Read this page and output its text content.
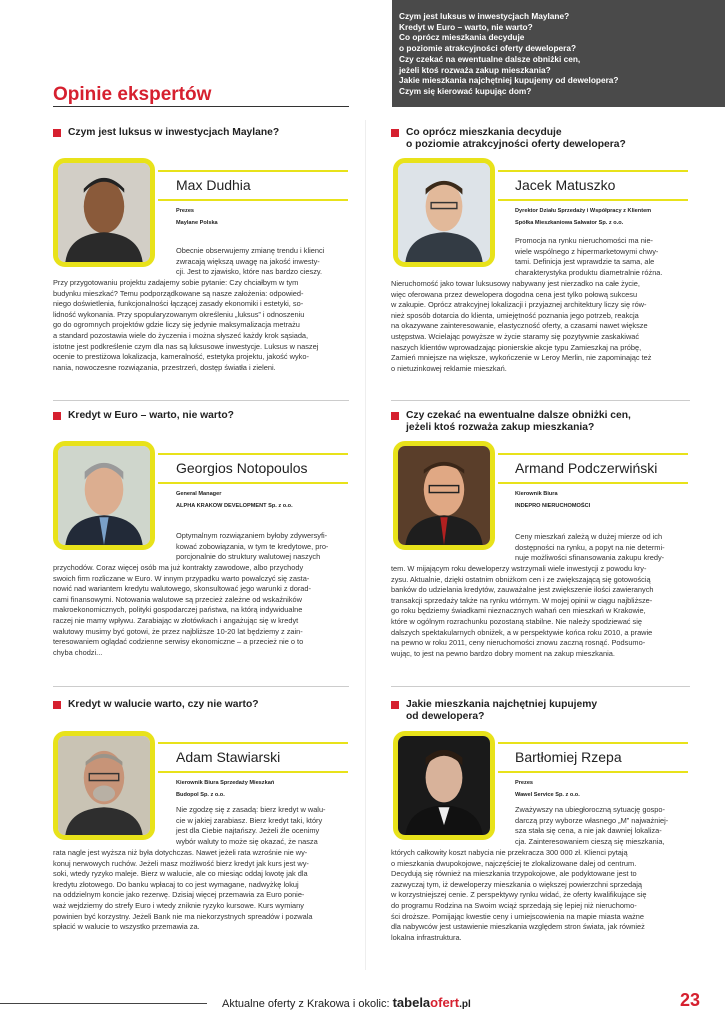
Czym jest luksus w inwestycjach Maylane?
Kredyt w Euro – warto, nie warto?
Co oprócz mieszkania decyduje
o poziomie atrakcyjności oferty dewelopera?
Czy czekać na ewentualne dalsze obniżki cen,
jeżeli ktoś rozważa zakup mieszkania?
Jakie mieszkania najchętniej kupujemy od dewelopera?
Czym się kierować kupując dom?
Opinie ekspertów
Czym jest luksus w inwestycjach Maylane?
Max Dudhia
Prezes
Maylane Polska
Obecnie obserwujemy zmianę trendu i klienci
zwracają większą uwagę na jakość inwesty-
cji. Jest to zjawisko, które nas bardzo cieszy.
Przy przygotowaniu projektu zadajemy sobie pytanie: Czy chciałbym w tym
budynku mieszkać? Temu podporządkowane są nasze założenia: odpowied-
niego doświetlenia, funkcjonalności łączącej zasady ekonomiki i estetyki, so-
lidność wykonania. Przy spopularyzowanym określeniu „luksus” i odnoszeniu
go do ogromnych projektów gdzie liczy się jedynie maksymalizacja metrażu
a standard pozostawia wiele do życzenia i można słyszeć każdy krok sąsiada,
istotne jest podkreślenie czym dla nas są luksusowe inwestycje. Luksus w naszej
ocenie to prestiżowa lokalizacja, kameralność, estetyka projektu, jakość wyko-
nania, nowoczesne rozwiązania, przestrzeń, dostęp światła i zieleni.
Co oprócz mieszkania decyduje
o poziomie atrakcyjności oferty dewelopera?
Jacek Matuszko
Dyrektor Działu Sprzedaży i Współpracy z Klientem
Spółka Mieszkaniowa Salwator Sp. z o.o.
Promocja na rynku nieruchomości ma nie-
wiele wspólnego z hipermarketowymi chwy-
tami. Definicja jest wprawdzie ta sama, ale
charakterystyka produktu diametralnie różna.
Nieruchomość jako towar luksusowy nabywany jest nierzadko na całe życie,
więc oferowana przez dewelopera dogodna cena jest tylko połową sukcesu
w zakupie. Oprócz atrakcyjnej lokalizacji i przyjaznej architektury liczy się rów-
nież sposób dotarcia do klienta, umiejętność poznania jego potrzeb, reakcja
na okazywane zainteresowanie, elastyczność oferty, a czasami nawet większe
ustępstwa. Wcielając powyższe w życie staramy się pozytywnie zaskakiwać
naszych klientów wprowadzając pionierskie akcje typu Zamieszkaj na próbę,
Zamień mniejsze na większe, wykończenie w Leroy Merlin, nie zapominając też
o nietuzinkowej reklamie mieszkań.
Kredyt w Euro – warto, nie warto?
Georgios Notopoulos
General Manager
ALPHA KRAKOW DEVELOPMENT Sp. z o.o.
Optymalnym rozwiązaniem byłoby zdywersyfi-
kować zobowiązania, w tym te kredytowe, pro-
porcjonalnie do struktury walutowej naszych
przychodów. Coraz więcej osób ma już kontrakty zawodowe, albo przychody
swoich firm rozliczane w Euro. W innym przypadku warto powalczyć się zasta-
nowić nad wariantem kredytu walutowego, skonsultować jego warunki z dorad-
cami finansowymi. Notowania walutowe są przecież zależne od wskaźników
makroekonomicznych, polityki gospodarczej państwa, na którą indywidualne
raczej nie mamy wpływu. Zarabiając w złotówkach i angażując się w kredyt
walutowy musimy być gotowi, że przez najbliższe 10-20 lat będziemy z zain-
teresowaniem oglądać codzienne serwisy ekonomiczne – a przecież nie o to
chyba chodzi...
Czy czekać na ewentualne dalsze obniżki cen,
jeżeli ktoś rozważa zakup mieszkania?
Armand Podczerwiński
Kierownik Biura
INDEPRO NIERUCHOMOŚCI
Ceny mieszkań zależą w dużej mierze od ich
dostępności na rynku, a popyt na nie determi-
nuje możliwości sfinansowania zakupu kredy-
tem. W mijającym roku deweloperzy wstrzymali wiele inwestycji z powodu kry-
zysu. Aktualnie, dzięki ostatnim obniżkom cen i ze zwiększającą się gotowością
banków do udzielania kredytów, zauważalne jest zwiększenie ilości zawieranych
transakcji sprzedaży także na rynku wtórnym. W mojej opinii w ciągu najbliższe-
go roku będziemy świadkami nieznacznych wahań cen mieszkań w Krakowie,
które w ogólnym rozrachunku pozostaną stabilne. Nie należy spodziewać się
dalszych spektakularnych obniżek, a w perspektywie końca roku 2010, a prawie
na pewno w roku 2011, ceny nieruchomości znowu zaczną rosnąć. Podsumo-
wując, to jest na pewno bardzo dobry moment na zakup mieszkania.
Kredyt w walucie warto, czy nie warto?
Adam Stawiarski
Kierownik Biura Sprzedaży Mieszkań
Budopol Sp. z o.o.
Nie zgodzę się z zasadą: bierz kredyt w walu-
cie w jakiej zarabiasz. Bierz kredyt taki, który
jest dla Ciebie najtańszy. Jeżeli źle ocenimy
wybór waluty to może się okazać, że nasza
rata nagle jest wyższa niż była dotychczas. Nawet jeżeli rata wzrośnie nie wy-
konuj nerwowych ruchów. Jeżeli masz możliwość bierz kredyt jak kurs jest wy-
soki, wtedy ryzyko maleje. Bierz w walucie, ale co miesiąc oddaj kwotę jak dla
kredytu złotowego. Do banku wpłacaj to co jest wymagane, nadwyżkę lokuj
na oddzielnym koncie jako rezerwę. Dzisiaj więcej przemawia za Euro ponie-
waż wejdziemy do strefy Euro i wtedy zniknie ryzyko kursowe. Kurs wymiany
powinien być korzystny. Jeżeli Bank nie ma niekorzystnych spreadów i pozwala
spłacić w walucie to wszystko przemawia za.
Jakie mieszkania najchętniej kupujemy
od dewelopera?
Bartłomiej Rzepa
Prezes
Wawel Service Sp. z o.o.
Zważywszy na ubiegłoroczną sytuację gospo-
darczą przy wyborze własnego „M” najważniej-
sza stała się cena, a nie jak dawniej lokaliza-
cja. Zainteresowaniem cieszą się mieszkania,
których całkowity koszt nabycia nie przekracza 300 000 zł. Klienci pytają
o mieszkania dwupokojowe, najczęściej te zlokalizowane dalej od centrum.
Decydują się również na mieszkania trzypokojowe, ale podyktowane jest to
zazwyczaj tym, iż deweloperzy mieszkania o większej powierzchni sprzedają
w korzystniejszej cenie. Z perspektywy rynku widać, że oferty kwalifikujące się
do programu Rodzina na Swoim wciąż sprzedają się lepiej niż nieruchomo-
ści droższe. Pomijając kwestie ceny i umiejscowienia na mapie miasta ważne
dla nabywców jest ustawienie mieszkania względem stron świata, jak również
lokalna infrastruktura.
Aktualne oferty z Krakowa i okolic: tabelaofert.pl	23
